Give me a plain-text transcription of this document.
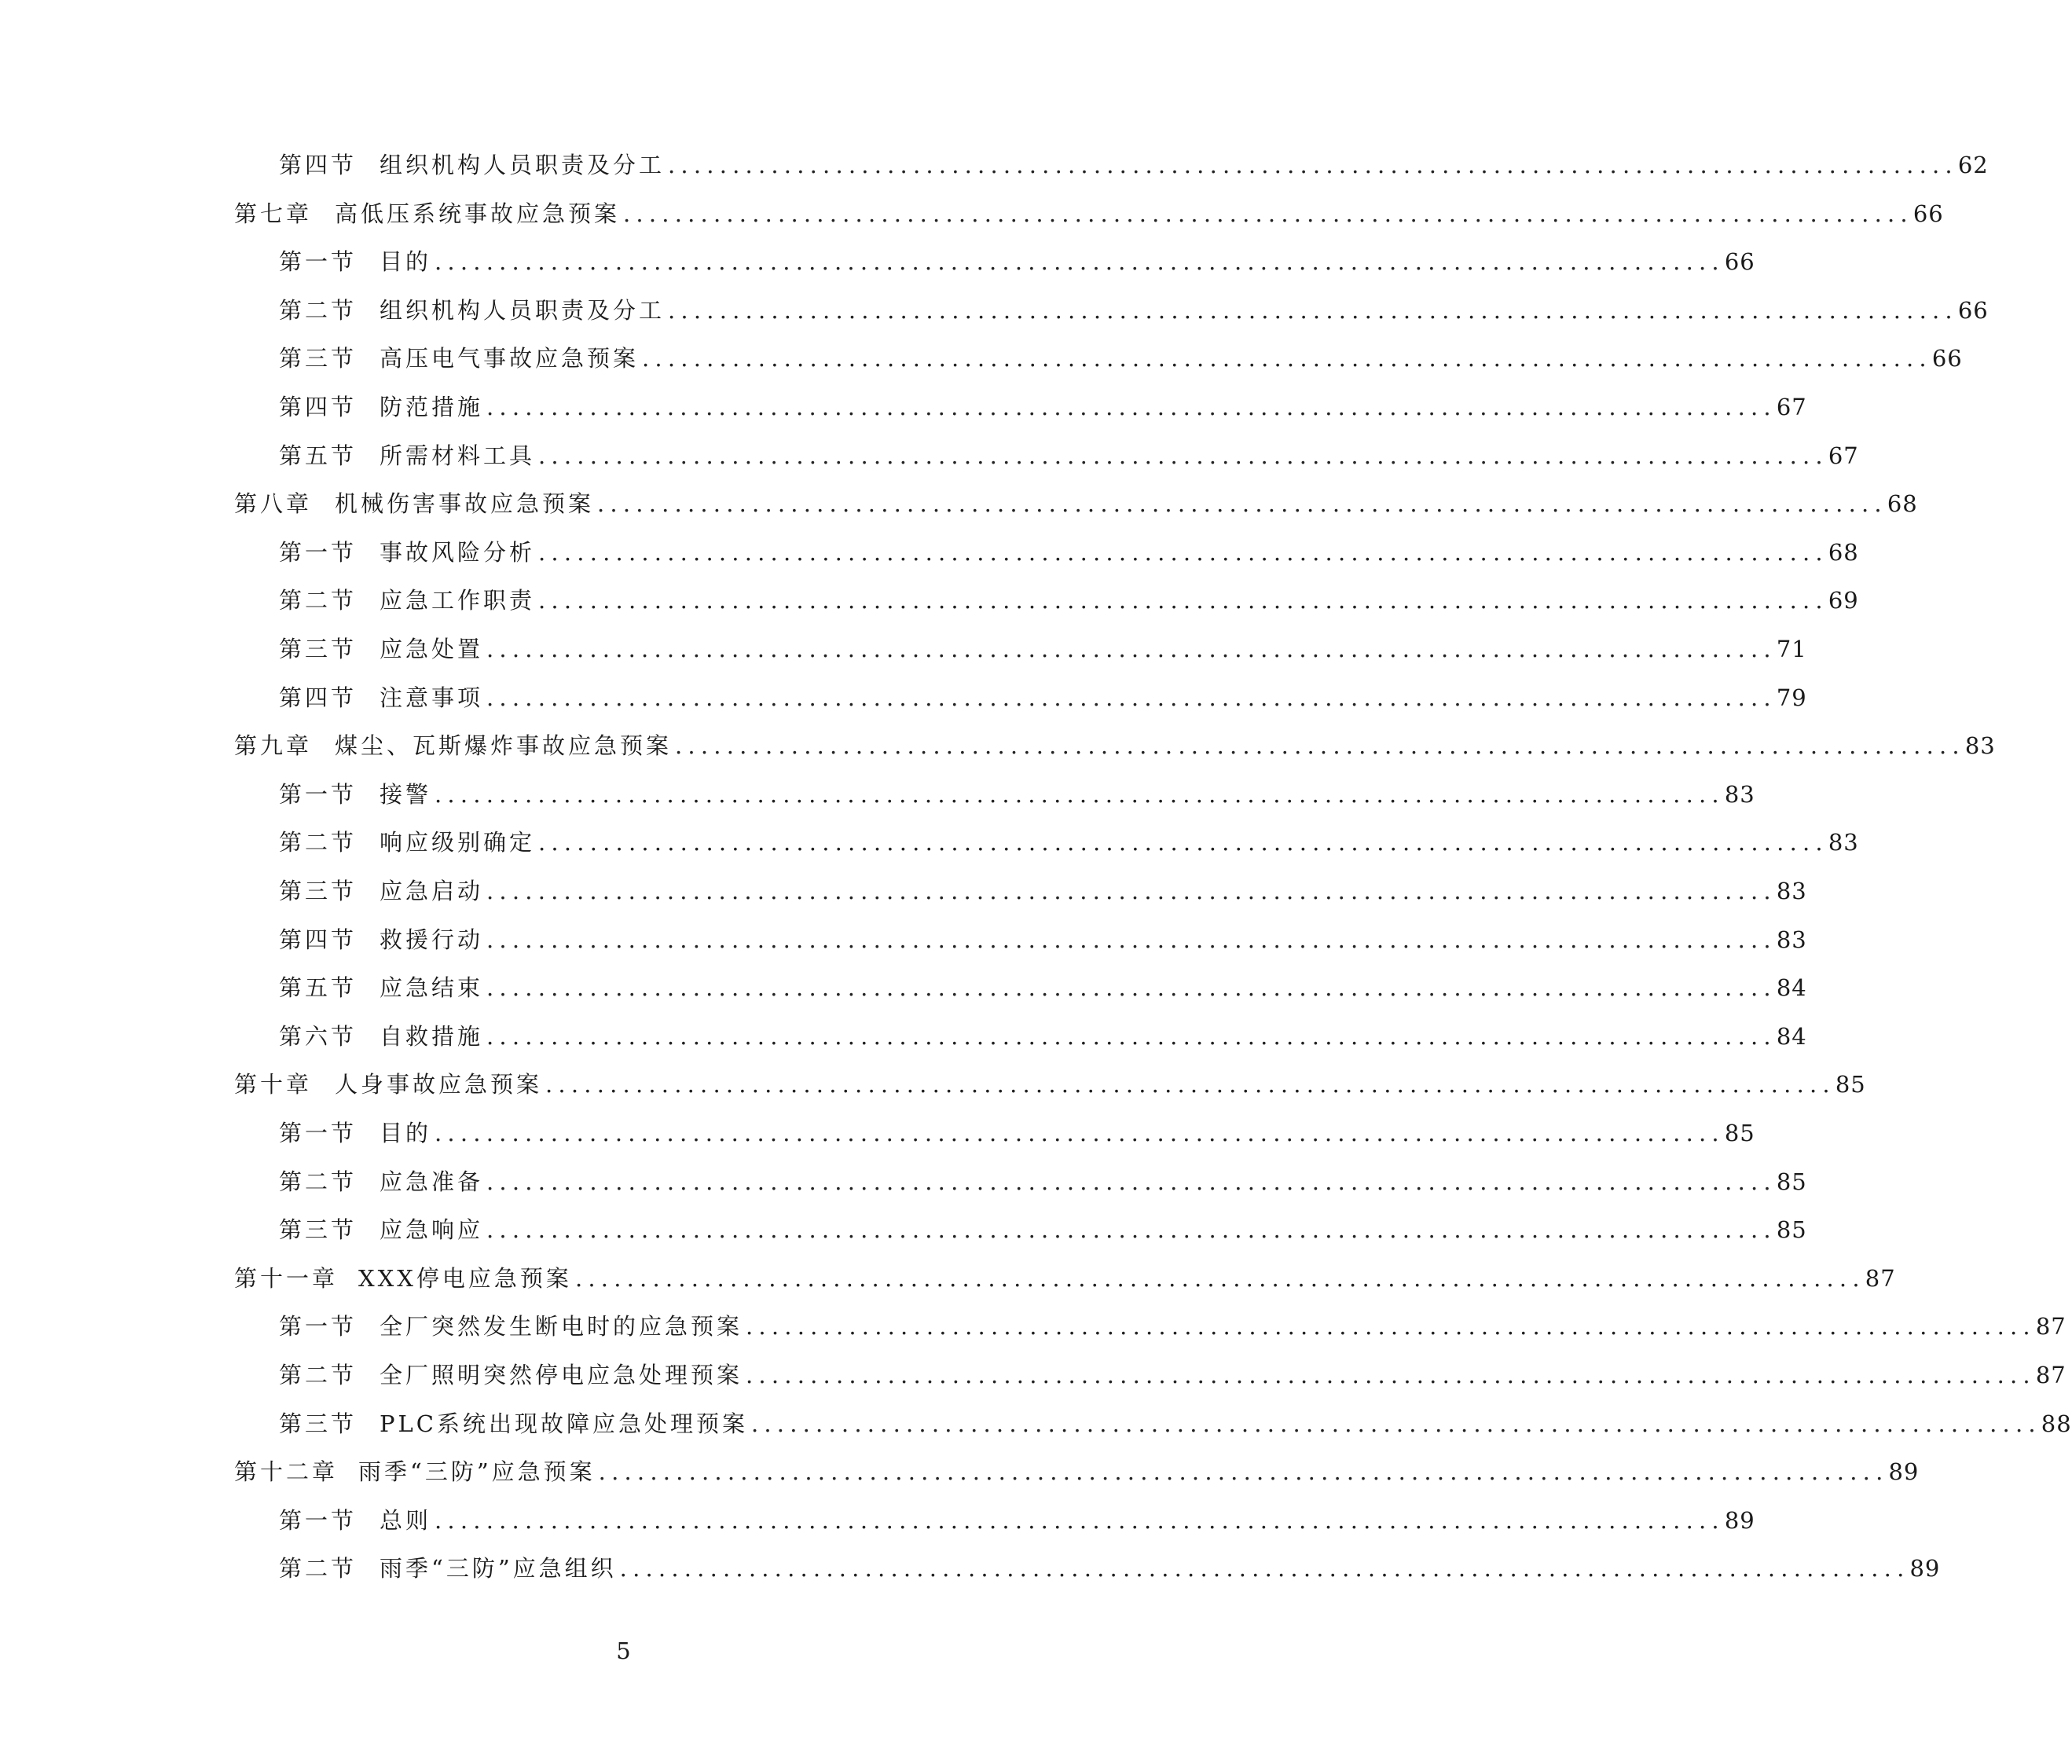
第四节 组织机构人员职责及分工 .................................................................................................... 62
第七章 高低压系统事故应急预案 .................................................................................................... 66
第一节 目的 .................................................................................................... 66
第二节 组织机构人员职责及分工 .................................................................................................... 66
第三节 高压电气事故应急预案 .................................................................................................... 66
第四节 防范措施 .................................................................................................... 67
第五节 所需材料工具 .................................................................................................... 67
第八章 机械伤害事故应急预案 .................................................................................................... 68
第一节 事故风险分析 .................................................................................................... 68
第二节 应急工作职责 .................................................................................................... 69
第三节 应急处置 .................................................................................................... 71
第四节 注意事项 .................................................................................................... 79
第九章 煤尘、瓦斯爆炸事故应急预案 .................................................................................................... 83
第一节 接警 .................................................................................................... 83
第二节 响应级别确定 .................................................................................................... 83
第三节 应急启动 .................................................................................................... 83
第四节 救援行动 .................................................................................................... 83
第五节 应急结束 .................................................................................................... 84
第六节 自救措施 .................................................................................................... 84
第十章 人身事故应急预案 .................................................................................................... 85
第一节 目的 .................................................................................................... 85
第二节 应急准备 .................................................................................................... 85
第三节 应急响应 .................................................................................................... 85
第十一章 XXX停电应急预案 .................................................................................................... 87
第一节 全厂突然发生断电时的应急预案 .................................................................................................... 87
第二节 全厂照明突然停电应急处理预案 .................................................................................................... 87
第三节 PLC系统出现故障应急处理预案 .................................................................................................... 88
第十二章 雨季“三防”应急预案 .................................................................................................... 89
第一节 总则 .................................................................................................... 89
第二节 雨季“三防”应急组织 .................................................................................................... 89
5
